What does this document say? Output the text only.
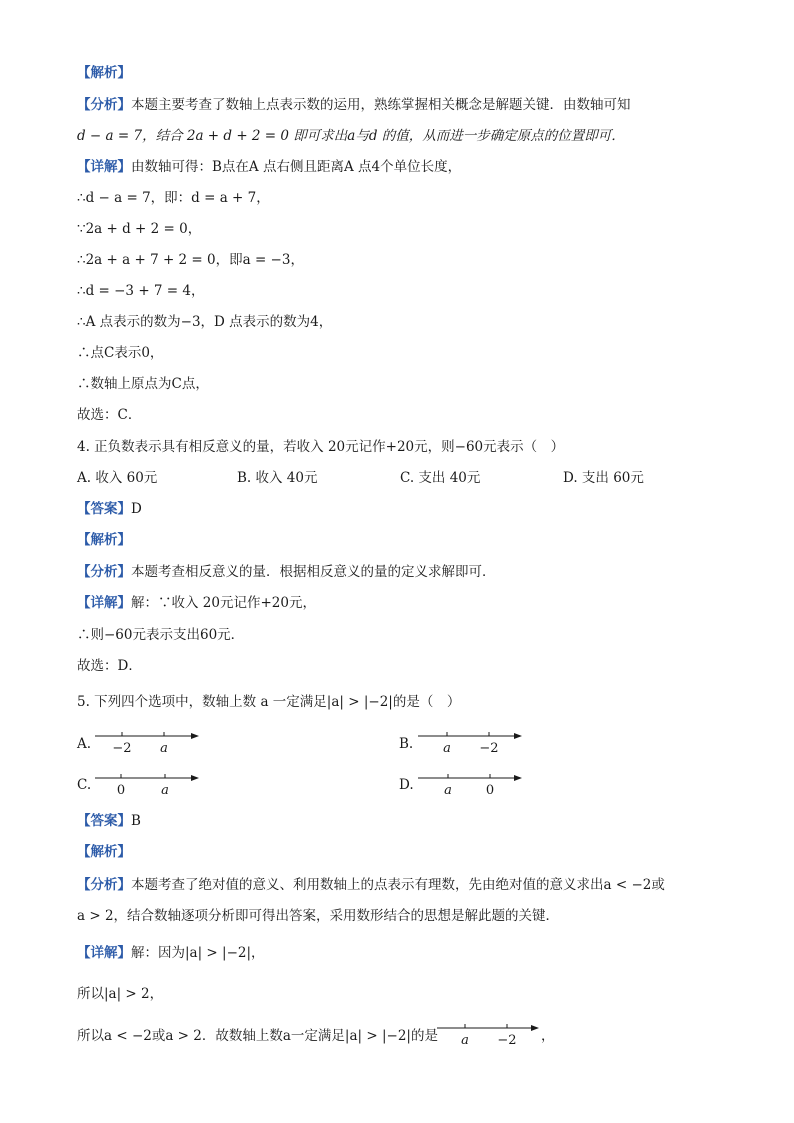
【解析】
【分析】本题主要考查了数轴上点表示数的运用，熟练掌握相关概念是解题关键．由数轴可知
d − a = 7，结合 2a + d + 2 = 0 即可求出a与d 的值，从而进一步确定原点的位置即可．
【详解】由数轴可得：B点在A 点右侧且距离A 点4个单位长度，
∴d − a = 7，即：d = a + 7，
∵2a + d + 2 = 0，
∴2a + a + 7 + 2 = 0，即a = −3，
∴d = −3 + 7 = 4，
∴A 点表示的数为−3，D 点表示的数为4，
∴点C表示0，
∴数轴上原点为C点，
故选：C．
4. 正负数表示具有相反意义的量，若收入 20元记作+20元，则−60元表示（　）
A. 收入 60元	B. 收入 40元	C. 支出 40元	D. 支出 60元
【答案】D
【解析】
【分析】本题考查相反意义的量．根据相反意义的量的定义求解即可．
【详解】解：∵收入 20元记作+20元，
∴则−60元表示支出60元．
故选：D．
5. 下列四个选项中，数轴上数 a 一定满足|a| > |−2|的是（　）
A. −2 a	B. a −2
C. 0	a	D. a	0
【答案】B
【解析】
【分析】本题考查了绝对值的意义、利用数轴上的点表示有理数，先由绝对值的意义求出a < −2或
a > 2，结合数轴逐项分析即可得出答案，采用数形结合的思想是解此题的关键．
【详解】解：因为|a| > |−2|，
所以|a| > 2，
所以a < −2或a > 2．故数轴上数a一定满足|a| > |−2|的是 a −2 ，
